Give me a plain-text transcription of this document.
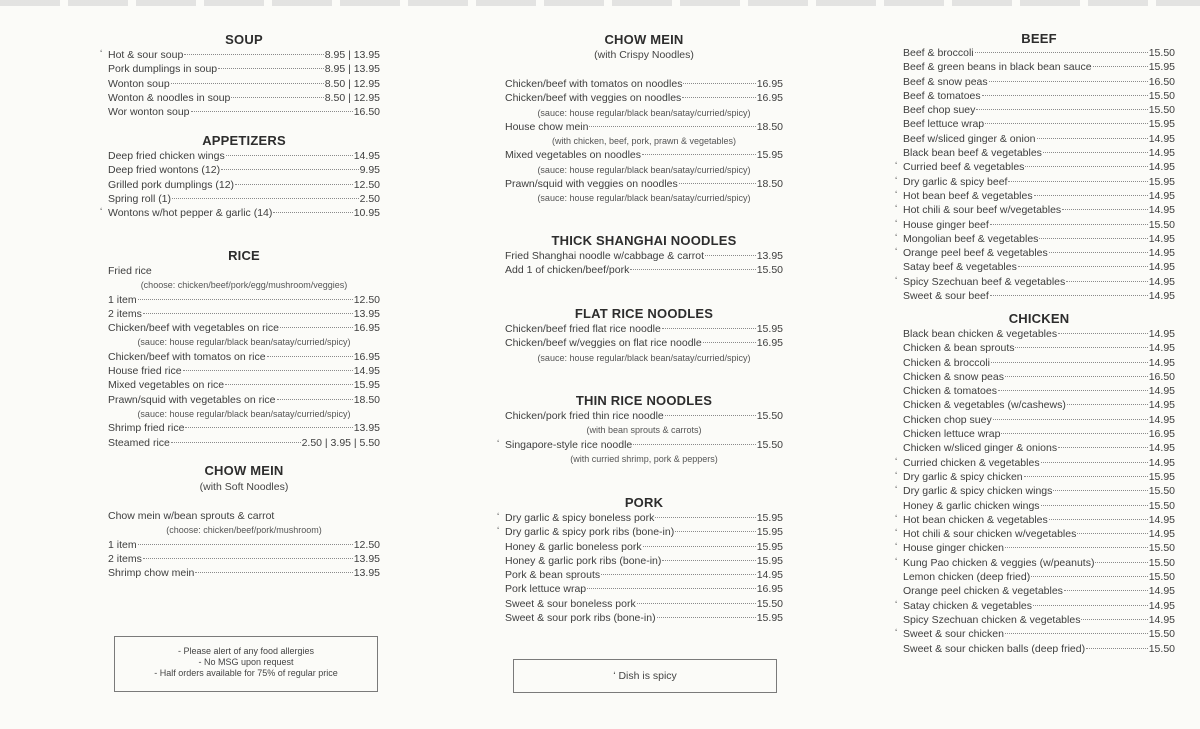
SOUP
ʻ Hot & sour soup	8.95 | 13.95
Pork dumplings in soup	8.95 | 13.95
Wonton soup	8.50 | 12.95
Wonton & noodles in soup	8.50 | 12.95
Wor wonton soup	16.50
APPETIZERS
Deep fried chicken wings	14.95
Deep fried wontons (12)	9.95
Grilled pork dumplings (12)	12.50
Spring roll (1)	2.50
ʻ Wontons w/hot pepper & garlic (14)	10.95
RICE
Fried rice
(choose: chicken/beef/pork/egg/mushroom/veggies)
1 item	12.50
2 items	13.95
Chicken/beef with vegetables on rice	16.95
(sauce: house regular/black bean/satay/curried/spicy)
Chicken/beef with tomatos on rice	16.95
House fried rice	14.95
Mixed vegetables on rice	15.95
Prawn/squid with vegetables on rice	18.50
(sauce: house regular/black bean/satay/curried/spicy)
Shrimp fried rice	13.95
Steamed rice	2.50 | 3.95 | 5.50
CHOW MEIN
(with Soft Noodles)
Chow mein w/bean sprouts & carrot
(choose: chicken/beef/pork/mushroom)
1 item	12.50
2 items	13.95
Shrimp chow mein	13.95
- Please alert of any food allergies
- No MSG upon request
- Half orders available for 75% of regular price
CHOW MEIN
(with Crispy Noodles)
Chicken/beef with tomatos on noodles	16.95
Chicken/beef with veggies on noodles	16.95
(sauce: house regular/black bean/satay/curried/spicy)
House chow mein	18.50
(with chicken, beef, pork, prawn & vegetables)
Mixed vegetables on noodles	15.95
(sauce: house regular/black bean/satay/curried/spicy)
Prawn/squid with veggies on noodles	18.50
(sauce: house regular/black bean/satay/curried/spicy)
THICK SHANGHAI NOODLES
Fried Shanghai noodle w/cabbage & carrot	13.95
Add 1 of chicken/beef/pork	15.50
FLAT RICE NOODLES
Chicken/beef fried flat rice noodle	15.95
Chicken/beef w/veggies on flat rice noodle	16.95
(sauce: house regular/black bean/satay/curried/spicy)
THIN RICE NOODLES
Chicken/pork fried thin rice noodle	15.50
(with bean sprouts & carrots)
ʻ Singapore-style rice noodle	15.50
(with curried shrimp, pork & peppers)
PORK
ʻ Dry garlic & spicy boneless pork	15.95
ʻ Dry garlic & spicy pork ribs (bone-in)	15.95
Honey & garlic boneless pork	15.95
Honey & garlic pork ribs (bone-in)	15.95
Pork & bean sprouts	14.95
Pork lettuce wrap	16.95
Sweet & sour boneless pork	15.50
Sweet & sour pork ribs (bone-in)	15.95
ʻ Dish is spicy
BEEF
Beef & broccoli	15.50
Beef & green beans in black bean sauce	15.95
Beef & snow peas	16.50
Beef & tomatoes	15.50
Beef chop suey	15.50
Beef lettuce wrap	15.95
Beef w/sliced ginger & onion	14.95
Black bean beef & vegetables	14.95
ʻ Curried beef & vegetables	14.95
ʻ Dry garlic & spicy beef	15.95
ʻ Hot bean beef & vegetables	14.95
ʻ Hot chili & sour beef w/vegetables	14.95
ʻ House ginger beef	15.50
ʻ Mongolian beef & vegetables	14.95
ʻ Orange peel beef & vegetables	14.95
Satay beef & vegetables	14.95
ʻ Spicy Szechuan beef & vegetables	14.95
Sweet & sour beef	14.95
CHICKEN
Black bean chicken & vegetables	14.95
Chicken & bean sprouts	14.95
Chicken & broccoli	14.95
Chicken & snow peas	16.50
Chicken & tomatoes	14.95
Chicken & vegetables (w/cashews)	14.95
Chicken chop suey	14.95
Chicken lettuce wrap	16.95
Chicken w/sliced ginger & onions	14.95
ʻ Curried chicken & vegetables	14.95
ʻ Dry garlic & spicy chicken	15.95
ʻ Dry garlic & spicy chicken wings	15.50
Honey & garlic chicken wings	15.50
ʻ Hot bean chicken & vegetables	14.95
ʻ Hot chili & sour chicken w/vegetables	14.95
ʻ House ginger chicken	15.50
ʻ Kung Pao chicken & veggies (w/peanuts)	15.50
Lemon chicken (deep fried)	15.50
Orange peel chicken & vegetables	14.95
ʻ Satay chicken & vegetables	14.95
Spicy Szechuan chicken & vegetables	14.95
ʻ Sweet & sour chicken	15.50
Sweet & sour chicken balls (deep fried)	15.50
